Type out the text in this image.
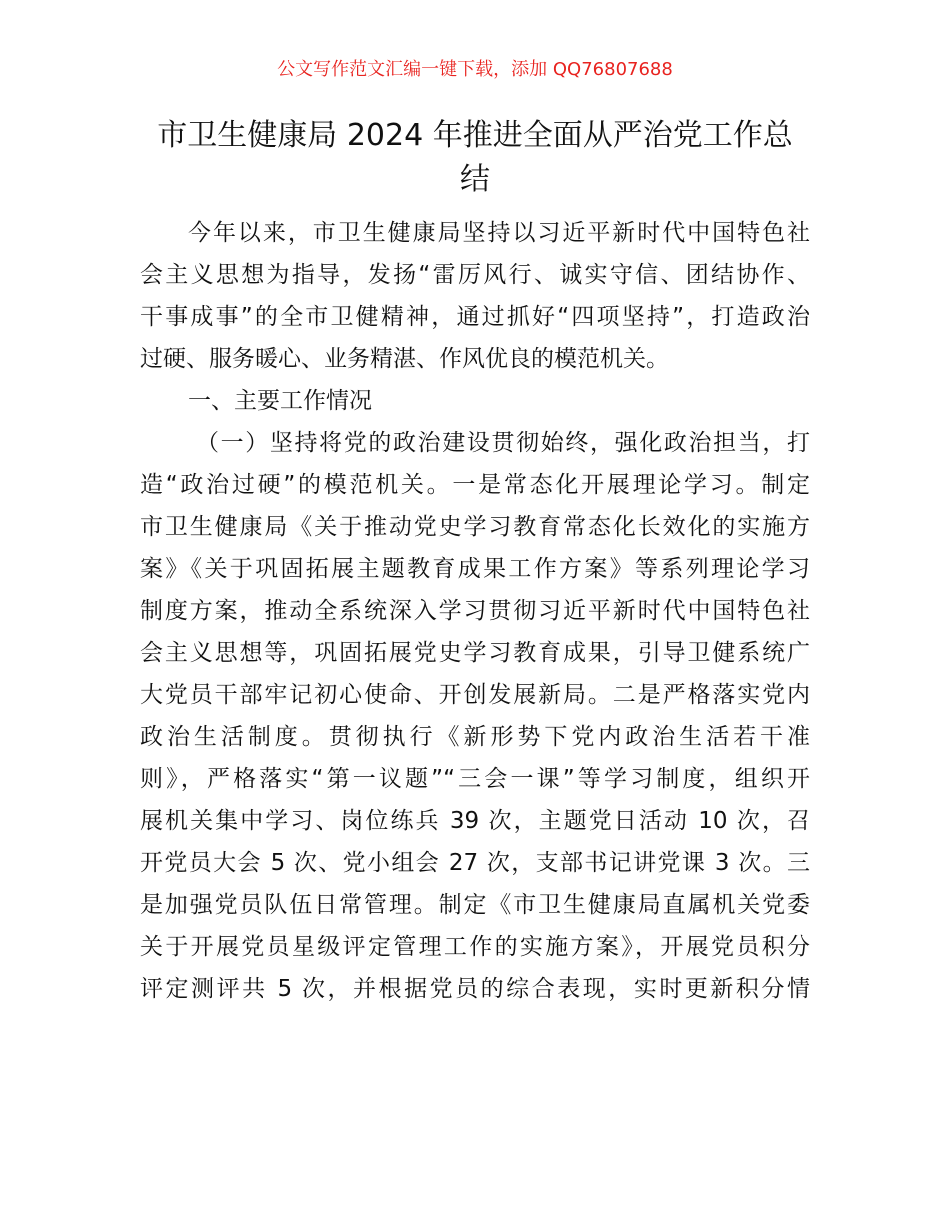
公文写作范文汇编一键下载，添加 QQ76807688
市卫生健康局 2024 年推进全面从严治党工作总
结
今年以来，市卫生健康局坚持以习近平新时代中国特色社
会主义思想为指导，发扬“雷厉风行、诚实守信、团结协作、
干事成事”的全市卫健精神，通过抓好“四项坚持”，打造政治
过硬、服务暖心、业务精湛、作风优良的模范机关。
一、主要工作情况
（一）坚持将党的政治建设贯彻始终，强化政治担当，打
造“政治过硬”的模范机关。一是常态化开展理论学习。制定
市卫生健康局《关于推动党史学习教育常态化长效化的实施方
案》《关于巩固拓展主题教育成果工作方案》等系列理论学习
制度方案，推动全系统深入学习贯彻习近平新时代中国特色社
会主义思想等，巩固拓展党史学习教育成果，引导卫健系统广
大党员干部牢记初心使命、开创发展新局。二是严格落实党内
政治生活制度。贯彻执行《新形势下党内政治生活若干准
则》，严格落实“第一议题”“三会一课”等学习制度，组织开
展机关集中学习、岗位练兵 39 次，主题党日活动 10 次，召
开党员大会 5 次、党小组会 27 次，支部书记讲党课 3 次。三
是加强党员队伍日常管理。制定《市卫生健康局直属机关党委
关于开展党员星级评定管理工作的实施方案》，开展党员积分
评定测评共 5 次，并根据党员的综合表现，实时更新积分情
